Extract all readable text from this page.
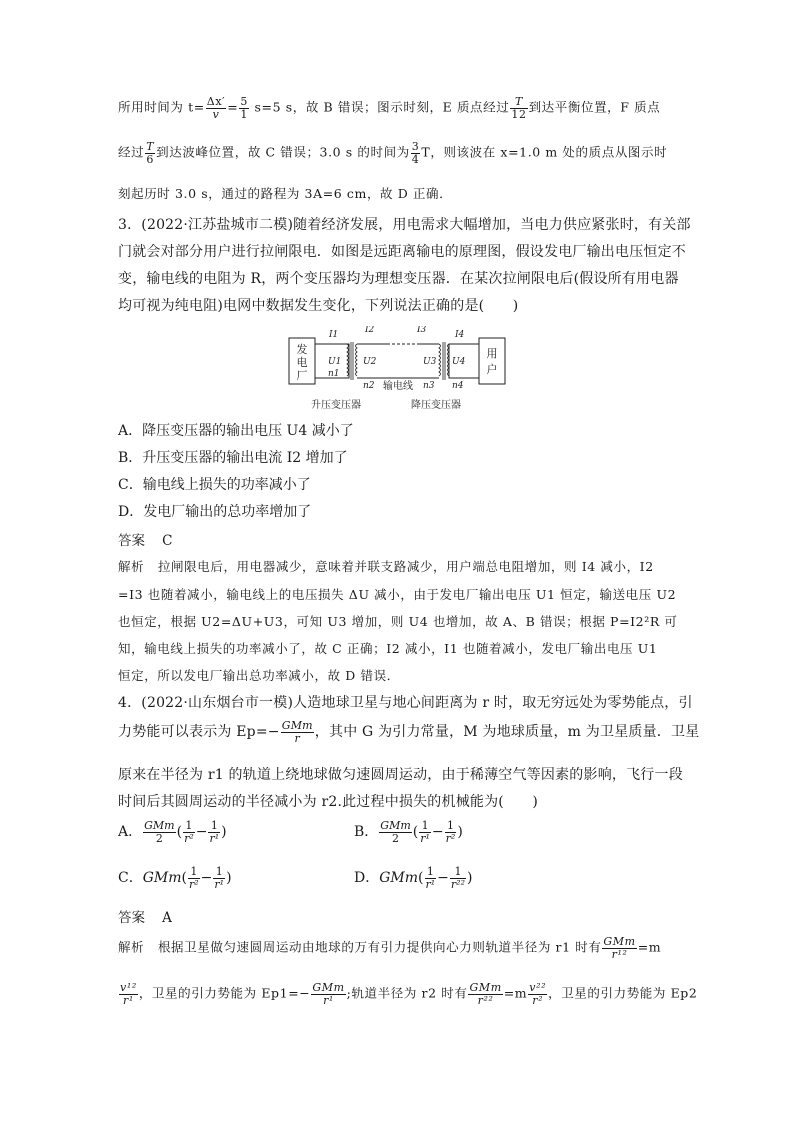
所用时间为 $t= \frac{\Delta x'}{v} = \frac{5}{1} s=5$ s，故 B 错误；图示时刻，E 质点经过 $\frac{T}{12}$ 到达平衡位置，F 质点
经过 $\frac{T}{6}$ 到达波峰位置，故 C 错误；3.0 s 的时间为 $\frac{3}{4}$ T，则该波在 x=1.0 m 处的质点从图示时
刻起历时 3.0 s，通过的路程为 3A=6 cm，故 D 正确．
3．(2022·江苏盐城市二模)随着经济发展，用电需求大幅增加，当电力供应紧张时，有关部
门就会对部分用户进行拉闸限电．如图是远距离输电的原理图，假设发电厂输出电压恒定不
变，输电线的电阻为 R，两个变压器均为理想变压器．在某次拉闸限电后(假设所有用电器
均可视为纯电阻)电网中数据发生变化，下列说法正确的是(　　)
发
电
厂
用
户
I1	I2	I3	I4
U1 U2	U3 U4
n1
n2	n3 n4
输电线
升压变压器	降压变压器
A．降压变压器的输出电压 U4 减小了
B．升压变压器的输出电流 I2 增加了
C．输电线上损失的功率减小了
D．发电厂输出的总功率增加了
答案 C
解析 拉闸限电后，用电器减少，意味着并联支路减少，用户端总电阻增加，则 I4 减小，I2
=I3 也随着减小，输电线上的电压损失 ΔU 减小，由于发电厂输出电压 U1 恒定，输送电压 U2
也恒定，根据 U2=ΔU+U3，可知 U3 增加，则 U4 也增加，故 A、B 错误；根据 P=I2²R 可
知，输电线上损失的功率减小了，故 C 正确；I2 减小，I1 也随着减小，发电厂输出电压 U1
恒定，所以发电厂输出总功率减小，故 D 错误．
4．(2022·山东烟台市一模)人造地球卫星与地心间距离为 r 时，取无穷远处为零势能点，引
力势能可以表示为 $Ep=- \frac{\text{GMm}}{r}$ ，其中 G 为引力常量，M 为地球质量，m 为卫星质量．卫星
原来在半径为 r1 的轨道上绕地球做匀速圆周运动，由于稀薄空气等因素的影响，飞行一段
时间后其圆周运动的半径减小为 r2.此过程中损失的机械能为(　　)
A． $\frac{\text{GMm}}{2}$ ( $\frac{1}{\text{r²}} - \frac{1}{\text{r¹}}$ )	B． $\frac{\text{GMm}}{2}$ ( $\frac{1}{\text{r¹}} - \frac{1}{\text{r²}}$ )
C．$GMm( \frac{1}{\text{r²}} - \frac{1}{\text{r¹}}$ )	D．$GMm( \frac{1}{\text{r¹}} - \frac{1}{\text{r²²}}$ )
答案 A
解析 根据卫星做匀速圆周运动由地球的万有引力提供向心力则轨道半径为 r1 时有 $\frac{\text{GMm}}{\text{r¹²}} =m$
$\frac{\text{v¹²}}{\text{r¹}}$ ，卫星的引力势能为 $Ep1=- \frac{\text{GMm}}{\text{r¹}}$ ;轨道半径为 r2 时有 $\frac{\text{GMm}}{\text{r²²}} =m \frac{\text{v²²}}{\text{r²}}$ ，卫星的引力势能为 Ep2
